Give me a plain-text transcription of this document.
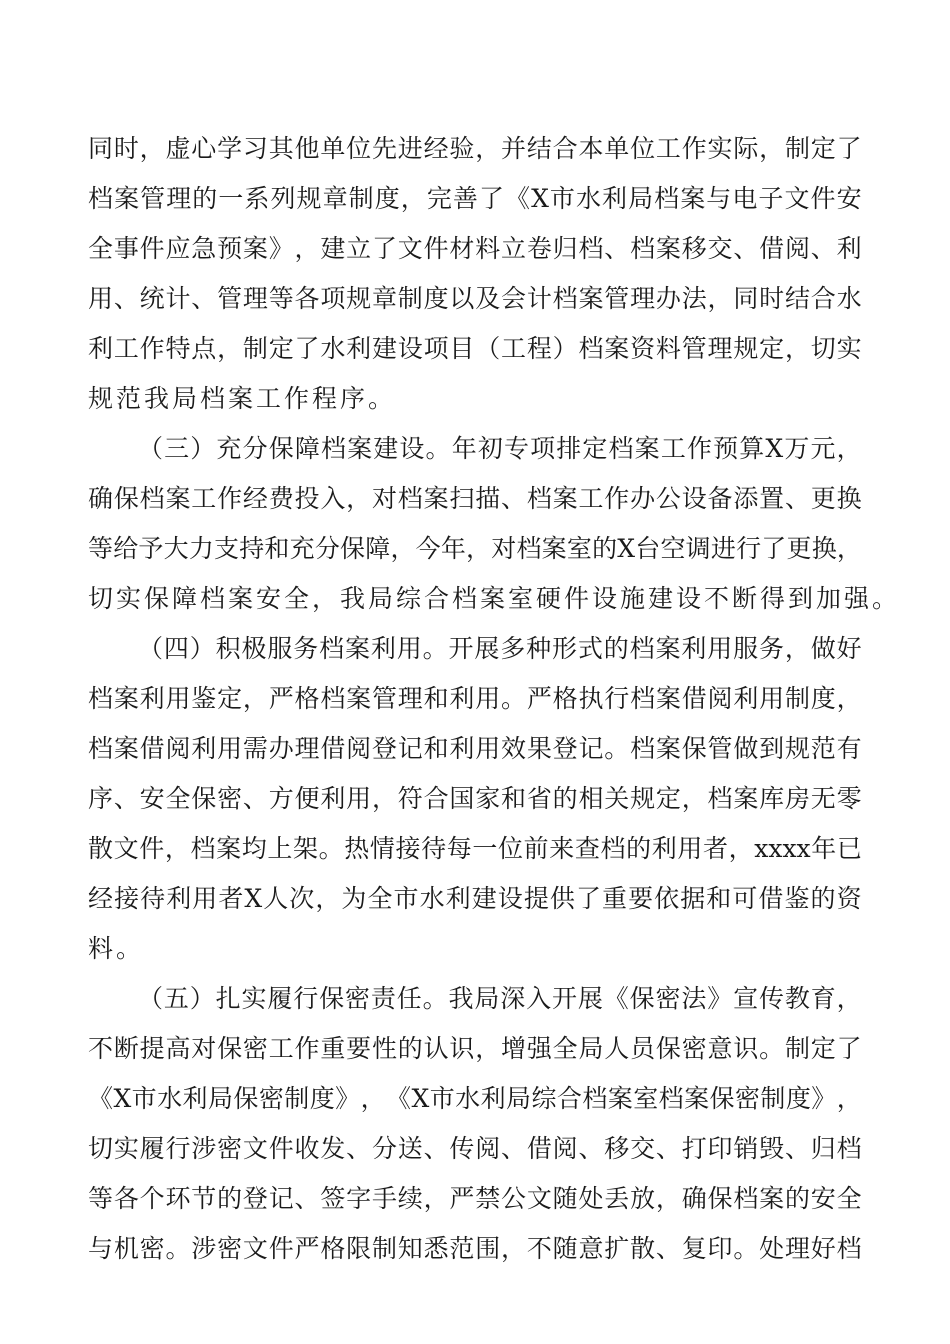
同 时 ， 虚 心 学 习 其 他 单 位 先 进 经 验 ， 并 结 合 本 单 位 工 作 实 际 ， 制 定 了
档 案 管 理 的 一 系 列 规 章 制 度 ， 完 善 了 《 X 市 水 利 局 档 案 与 电 子 文 件 安
全 事 件 应 急 预 案 》 ， 建 立 了 文 件 材 料 立 卷 归 档 、 档 案 移 交 、 借 阅 、 利
用 、 统 计 、 管 理 等 各 项 规 章 制 度 以 及 会 计 档 案 管 理 办 法 ， 同 时 结 合 水
利 工 作 特 点 ， 制 定 了 水 利 建 设 项 目 （ 工 程 ） 档 案 资 料 管 理 规 定 ， 切 实
规范我局档案工作程序。
（ 三 ） 充 分 保 障 档 案 建 设 。 年 初 专 项 排 定 档 案 工 作 预 算 X 万 元 ，
确 保 档 案 工 作 经 费 投 入 ， 对 档 案 扫 描 、 档 案 工 作 办 公 设 备 添 置 、 更 换
等 给 予 大 力 支 持 和 充 分 保 障 ， 今 年 ， 对 档 案 室 的 X 台 空 调 进 行 了 更 换 ，
切实保障档案安全，我局综合档案室硬件设施建设不断得到加强。
（ 四 ） 积 极 服 务 档 案 利 用 。 开 展 多 种 形 式 的 档 案 利 用 服 务 ， 做 好
档 案 利 用 鉴 定 ， 严 格 档 案 管 理 和 利 用 。 严 格 执 行 档 案 借 阅 利 用 制 度 ，
档 案 借 阅 利 用 需 办 理 借 阅 登 记 和 利 用 效 果 登 记 。 档 案 保 管 做 到 规 范 有
序 、 安 全 保 密 、 方 便 利 用 ， 符 合 国 家 和 省 的 相 关 规 定 ， 档 案 库 房 无 零
散 文 件 ， 档 案 均 上 架 。 热 情 接 待 每 一 位 前 来 查 档 的 利 用 者 ， xxxx 年 已
经 接 待 利 用 者 X 人 次 ， 为 全 市 水 利 建 设 提 供 了 重 要 依 据 和 可 借 鉴 的 资
料。
（ 五 ） 扎 实 履 行 保 密 责 任 。 我 局 深 入 开 展 《 保 密 法 》 宣 传 教 育 ，
不 断 提 高 对 保 密 工 作 重 要 性 的 认 识 ， 增 强 全 局 人 员 保 密 意 识 。 制 定 了
《 X 市 水 利 局 保 密 制 度 》 ， 《 X 市 水 利 局 综 合 档 案 室 档 案 保 密 制 度 》 ，
切 实 履 行 涉 密 文 件 收 发 、 分 送 、 传 阅 、 借 阅 、 移 交 、 打 印 销 毁 、 归 档
等 各 个 环 节 的 登 记 、 签 字 手 续 ， 严 禁 公 文 随 处 丢 放 ， 确 保 档 案 的 安 全
与 机 密 。 涉 密 文 件 严 格 限 制 知 悉 范 围 ， 不 随 意 扩 散 、 复 印 。 处 理 好 档
